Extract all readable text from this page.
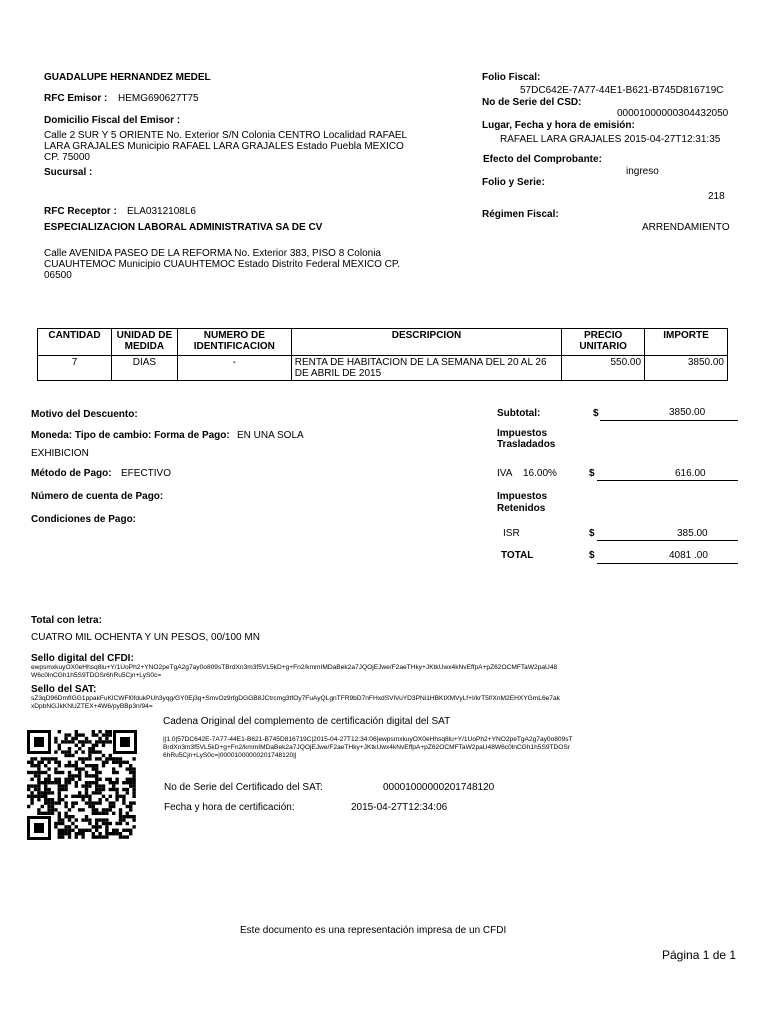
GUADALUPE HERNANDEZ MEDEL
RFC Emisor : HEMG690627T75
Domicilio Fiscal del Emisor :
Calle 2 SUR Y 5 ORIENTE No. Exterior S/N Colonia CENTRO Localidad RAFAEL LARA GRAJALES Municipio RAFAEL LARA GRAJALES Estado Puebla MEXICO CP. 75000
Sucursal :
RFC Receptor : ELA0312108L6
ESPECIALIZACION LABORAL ADMINISTRATIVA SA DE CV
Calle AVENIDA PASEO DE LA REFORMA No. Exterior 383, PISO 8 Colonia CUAUHTEMOC Municipio CUAUHTEMOC Estado Distrito Federal MEXICO CP. 06500
Folio Fiscal:
57DC642E-7A77-44E1-B621-B745D816719C
No de Serie del CSD:
00001000000304432050
Lugar, Fecha y hora de emisión:
RAFAEL LARA GRAJALES 2015-04-27T12:31:35
Efecto del Comprobante:
ingreso
Folio y Serie:
218
Régimen Fiscal:
ARRENDAMIENTO
CANTIDAD	UNIDAD DE MEDIDA	NUMERO DE IDENTIFICACION	DESCRIPCION	PRECIO UNITARIO	IMPORTE
7	DIAS	-	RENTA DE HABITACION DE LA SEMANA DEL 20 AL 26 DE ABRIL DE 2015	550.00	3850.00
Motivo del Descuento:
Moneda: Tipo de cambio: Forma de Pago: EN UNA SOLA
EXHIBICION
Método de Pago: EFECTIVO
Número de cuenta de Pago:
Condiciones de Pago:
Subtotal:	$	3850.00
Impuestos
Trasladados
IVA 16.00%	$	616.00
Impuestos
Retenidos
ISR	$	385.00
TOTAL	$	4081 .00
Total con letra:
CUATRO MIL OCHENTA Y UN PESOS, 00/100 MN
Sello digital del CFDI:
ewpsmxkuyOX0eHhsq8lu+Y/1UoPh2+YNO2peTgA2g7ay0o809sTBrdXn3m3f5VL5kD+g+Fn2/kmmIMDaBek2a7JQOjEJwe/F2aeTHky+JKtkUwx4kNvEffpA+pZ62OCMFTaW2paU48W6c0lnCGh1h5S9TDOSr6hRu5Cjn+LyS0c=
Sello del SAT:
sZ3qD96DmfIGG1ppakFuKlCWFl0fdukPUh3yqg/GY0Ej3q+SmvOz9rfgDGGB8JCtrcmg3tfOy7FuAyQLgnTFR9bD7nFHxdSVlVuYD3PNi1HBKtXMVyLf+I/krT5f/XnM2EHXYGmL6e7akxDpbNGJkKNUZTEX+4W6/pyBBp3n/94=
Cadena Original del complemento de certificación digital del SAT
||1.0|57DC642E-7A77-44E1-B621-B745D816719C|2015-04-27T12:34:06|ewpsmxkuyOX0eHhsq8lu+Y/1UoPh2+YNO2peTgA2g7ay0o809sTBrdXn3m3f5VL5kD+g+Fn2/kmmIMDaBek2a7JQOjEJwe/F2aeTHky+JKtkUwx4kNvEffpA+pZ62OCMFTaW2paU48W6c0lnCGh1h5S9TDOSr6hRu5Cjn+LyS0c=|00001000000201748120||
No de Serie del Certificado del SAT:	00001000000201748120
Fecha y hora de certificación:	2015-04-27T12:34:06
Este documento es una representación impresa de un CFDI
Página 1 de 1
